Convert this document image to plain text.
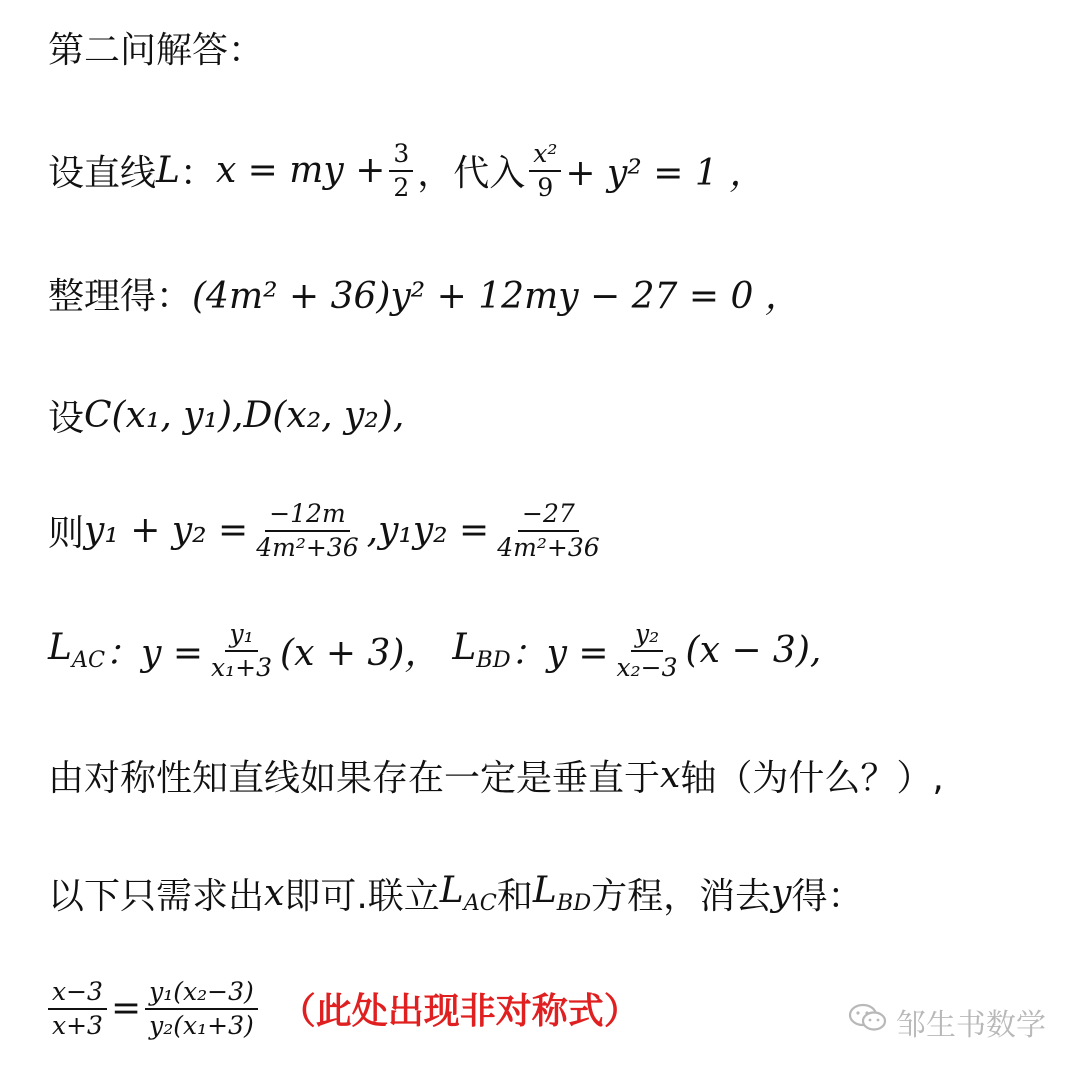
第二问解答：
设直线 L ： x = my + $\frac{3}{2}$ ，代入 $\frac{\text{x²}}{9} + y^2 = 1$ ，
整理得： (4m² + 36)y² + 12my − 27 = 0 ，
设 C(x₁, y₁),D(x₂, y₂),
则 $y_1 + y_2 = \frac{-12m}{\text{4m²+36}}$ , $y_1y_2 = \frac{-27}{\text{4m²+36}}$
$L_{AC}$ ：$y = \frac{\text{y₁}}{\text{x₁+3}} (x + 3)$， $L_{BD}$ ：$y = \frac{\text{y₂}}{\text{x₂−3}} (x - 3)$,
由对称性知直线如果存在一定是垂直于 x 轴（为什么？）,
以下只需求出 x 即可.联立 $L_{AC}$ 和 $L_{BD}$ 方程，消去 y 得：
$\frac{x-3}{x+3} = \frac{\text{y₁(x₂−3)}}{\text{y₂(x₁+3)}}$ （此处出现非对称式）	邹生书数学
